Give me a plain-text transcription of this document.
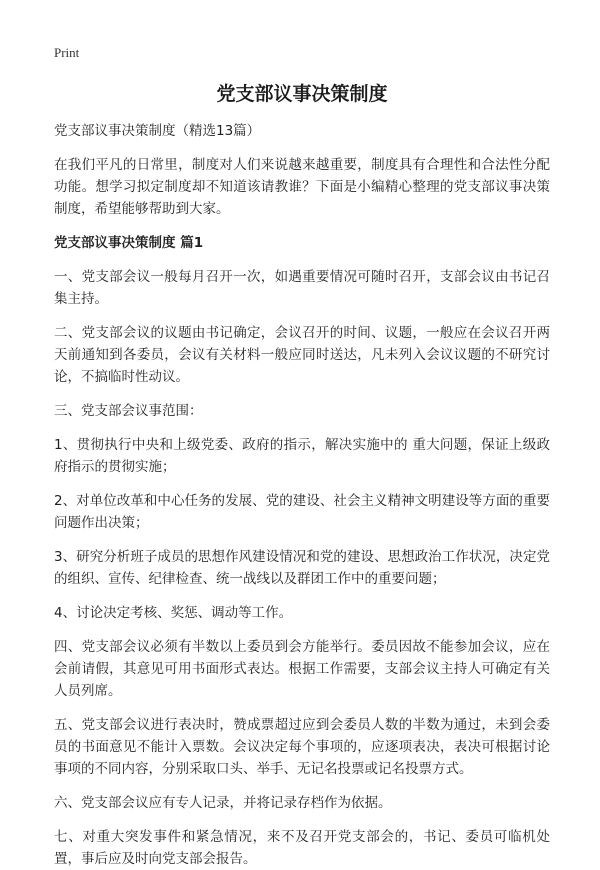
Print
党支部议事决策制度
党支部议事决策制度（精选13篇）

在我们平凡的日常里，制度对人们来说越来越重要，制度具有合理性和合法性分配功能。想学习拟定制度却不知道该请教谁？下面是小编精心整理的党支部议事决策制度，希望能够帮助到大家。

党支部议事决策制度 篇1

一、党支部会议一般每月召开一次，如遇重要情况可随时召开，支部会议由书记召集主持。

二、党支部会议的议题由书记确定，会议召开的时间、议题，一般应在会议召开两天前通知到各委员，会议有关材料一般应同时送达，凡未列入会议议题的不研究讨论，不搞临时性动议。

三、党支部会议事范围：

1、贯彻执行中央和上级党委、政府的指示，解决实施中的 重大问题，保证上级政府指示的贯彻实施；

2、对单位改革和中心任务的发展、党的建设、社会主义精神文明建设等方面的重要问题作出决策；

3、研究分析班子成员的思想作风建设情况和党的建设、思想政治工作状况，决定党的组织、宣传、纪律检查、统一战线以及群团工作中的重要问题；

4、讨论决定考核、奖惩、调动等工作。

四、党支部会议必须有半数以上委员到会方能举行。委员因故不能参加会议，应在会前请假，其意见可用书面形式表达。根据工作需要，支部会议主持人可确定有关人员列席。

五、党支部会议进行表决时，赞成票超过应到会委员人数的半数为通过，未到会委员的书面意见不能计入票数。会议决定每个事项的，应逐项表决，表决可根据讨论事项的不同内容，分别采取口头、举手、无记名投票或记名投票方式。

六、党支部会议应有专人记录，并将记录存档作为依据。

七、对重大突发事件和紧急情况，来不及召开党支部会的，书记、委员可临机处置，事后应及时向党支部会报告。
